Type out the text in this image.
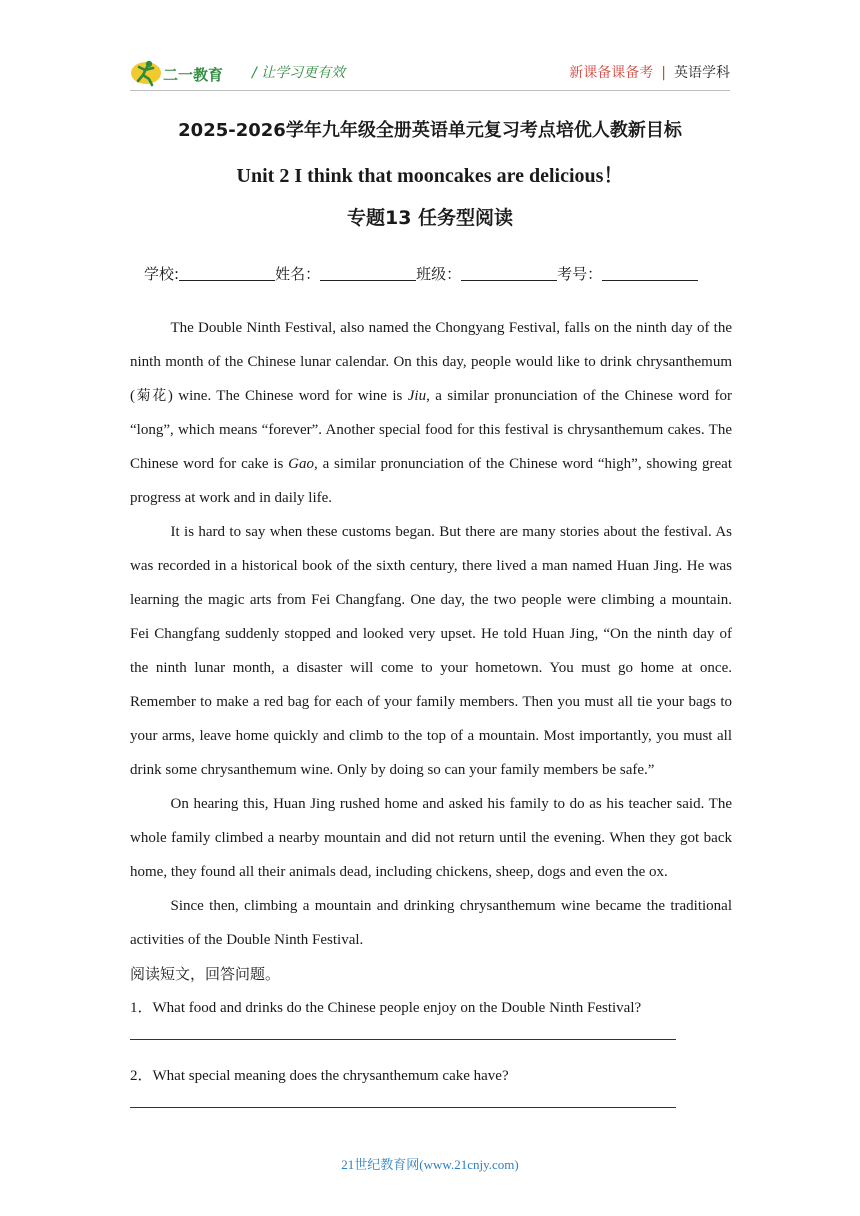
二一教育 / 让学习更有效	新课备课备考 | 英语学科
2025-2026学年九年级全册英语单元复习考点培优人教新目标
Unit 2 I think that mooncakes are delicious！
专题13 任务型阅读
学校:	姓名：	班级：	考号：

The Double Ninth Festival, also named the Chongyang Festival, falls on the ninth day of the ninth month of the Chinese lunar calendar. On this day, people would like to drink chrysanthemum (菊花) wine. The Chinese word for wine is Jiu, a similar pronunciation of the Chinese word for “long”, which means “forever”. Another special food for this festival is chrysanthemum cakes. The Chinese word for cake is Gao, a similar pronunciation of the Chinese word “high”, showing great progress at work and in daily life.

It is hard to say when these customs began. But there are many stories about the festival. As was recorded in a historical book of the sixth century, there lived a man named Huan Jing. He was learning the magic arts from Fei Changfang. One day, the two people were climbing a mountain. Fei Changfang suddenly stopped and looked very upset. He told Huan Jing, “On the ninth day of the ninth lunar month, a disaster will come to your hometown. You must go home at once. Remember to make a red bag for each of your family members. Then you must all tie your bags to your arms, leave home quickly and climb to the top of a mountain. Most importantly, you must all drink some chrysanthemum wine. Only by doing so can your family members be safe.”

On hearing this, Huan Jing rushed home and asked his family to do as his teacher said. The whole family climbed a nearby mountain and did not return until the evening. When they got back home, they found all their animals dead, including chickens, sheep, dogs and even the ox.

Since then, climbing a mountain and drinking chrysanthemum wine became the traditional activities of the Double Ninth Festival.

阅读短文，回答问题。

1．What food and drinks do the Chinese people enjoy on the Double Ninth Festival?

2．What special meaning does the chrysanthemum cake have?

21世纪教育网(www.21cnjy.com)
